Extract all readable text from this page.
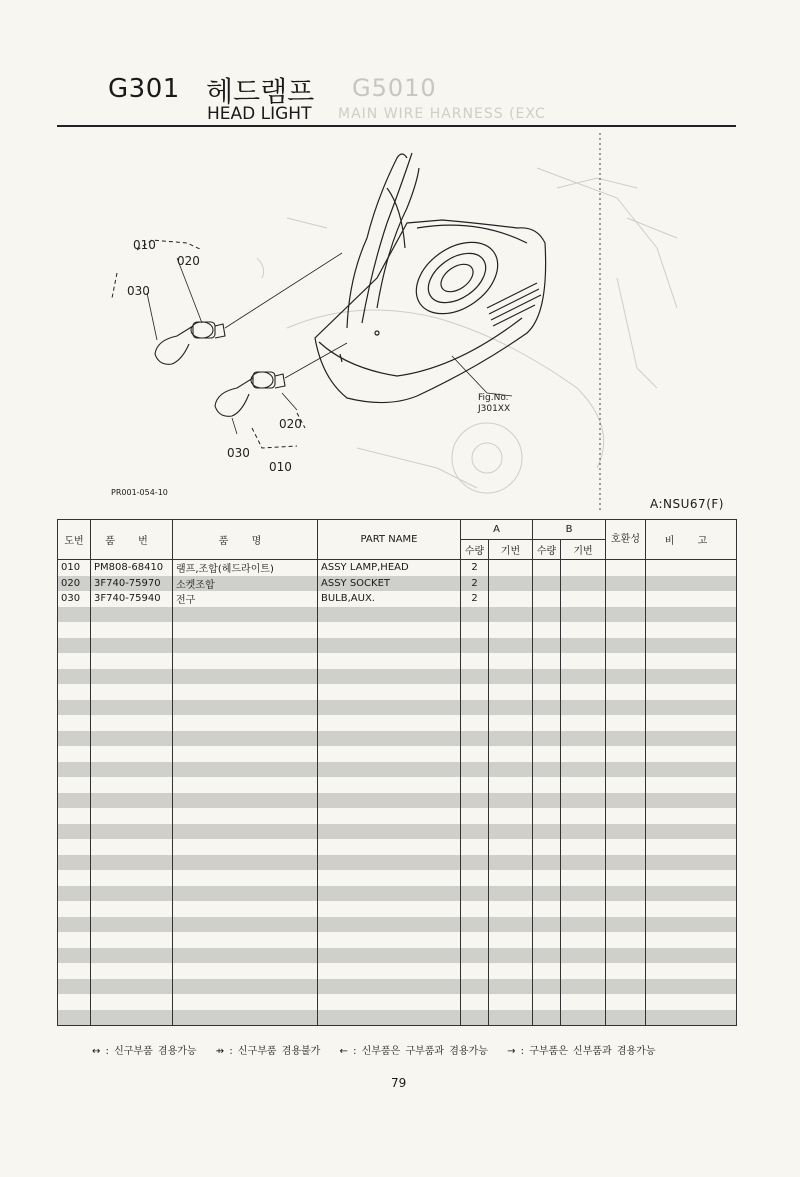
G5010
MAIN WIRE HARNESS (EXC
G301 헤드램프
HEAD LIGHT
010
020
030
020
030
010
Fig.No.
J301XX
PR001-054-10
A:NSU67(F)
도번	품 번	품 명	PART NAME	A		B		호환성	비 고
				수량	기번	수량	기번		
010	PM808-68410	램프,조합(헤드라이트)	ASSY LAMP,HEAD	2					
020	3F740-75970	소켓조합	ASSY SOCKET	2					
030	3F740-75940	전구	BULB,AUX.	2					

↔ : 신구부품 겸용가능 ⇸ : 신구부품 겸용불가 ← : 신부품은 구부품과 겸용가능 → : 구부품은 신부품과 겸용가능
79
